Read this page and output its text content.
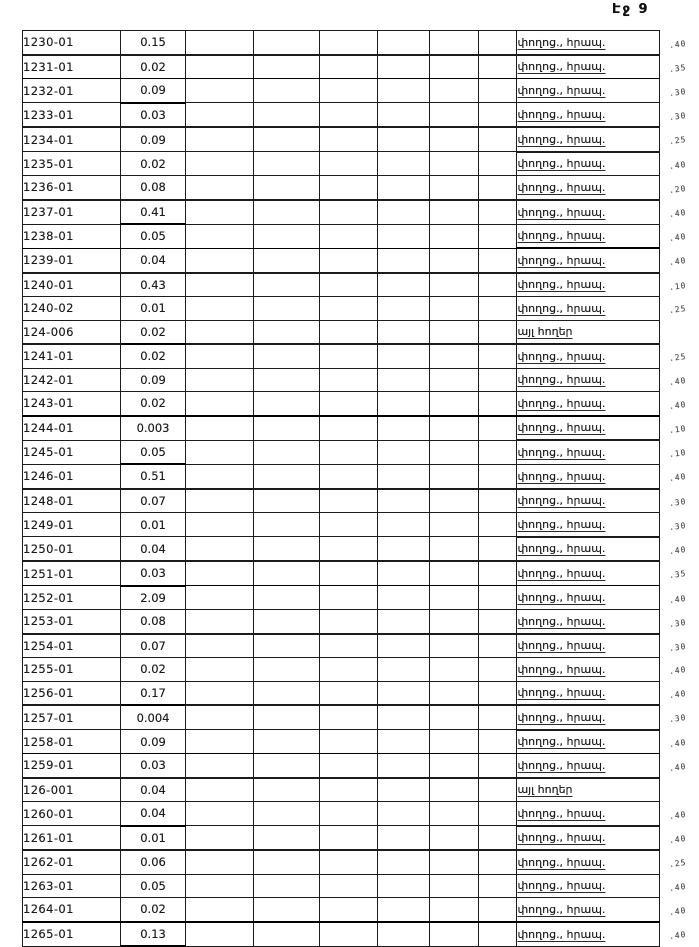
Էջ 9
1230-01	0.15							փողոց., հրապ.	.40
1231-01	0.02							փողոց., հրապ.	.35
1232-01	0.09							փողոց., հրապ.	.30
1233-01	0.03							փողոց., հրապ.	.30
1234-01	0.09							փողոց., հրապ.	.25
1235-01	0.02							փողոց., հրապ.	.40
1236-01	0.08							փողոց., հրապ.	.20
1237-01	0.41							փողոց., հրապ.	.40
1238-01	0.05							փողոց., հրապ.	.40
1239-01	0.04							փողոց., հրապ.	.40
1240-01	0.43							փողոց., հրապ.	.10
1240-02	0.01							փողոց., հրապ.	.25
124-006	0.02							այլ հողեր	
1241-01	0.02							փողոց., հրապ.	.25
1242-01	0.09							փողոց., հրապ.	.40
1243-01	0.02							փողոց., հրապ.	.40
1244-01	0.003							փողոց., հրապ.	.10
1245-01	0.05							փողոց., հրապ.	.10
1246-01	0.51							փողոց., հրապ.	.40
1248-01	0.07							փողոց., հրապ.	.30
1249-01	0.01							փողոց., հրապ.	.30
1250-01	0.04							փողոց., հրապ.	.40
1251-01	0.03							փողոց., հրապ.	.35
1252-01	2.09							փողոց., հրապ.	.40
1253-01	0.08							փողոց., հրապ.	.30
1254-01	0.07							փողոց., հրապ.	.30
1255-01	0.02							փողոց., հրապ.	.40
1256-01	0.17							փողոց., հրապ.	.40
1257-01	0.004							փողոց., հրապ.	.30
1258-01	0.09							փողոց., հրապ.	.40
1259-01	0.03							փողոց., հրապ.	.40
126-001	0.04							այլ հողեր	
1260-01	0.04							փողոց., հրապ.	.40
1261-01	0.01							փողոց., հրապ.	.40
1262-01	0.06							փողոց., հրապ.	.25
1263-01	0.05							փողոց., հրապ.	.40
1264-01	0.02							փողոց., հրապ.	.40
1265-01	0.13							փողոց., հրապ.	.40
